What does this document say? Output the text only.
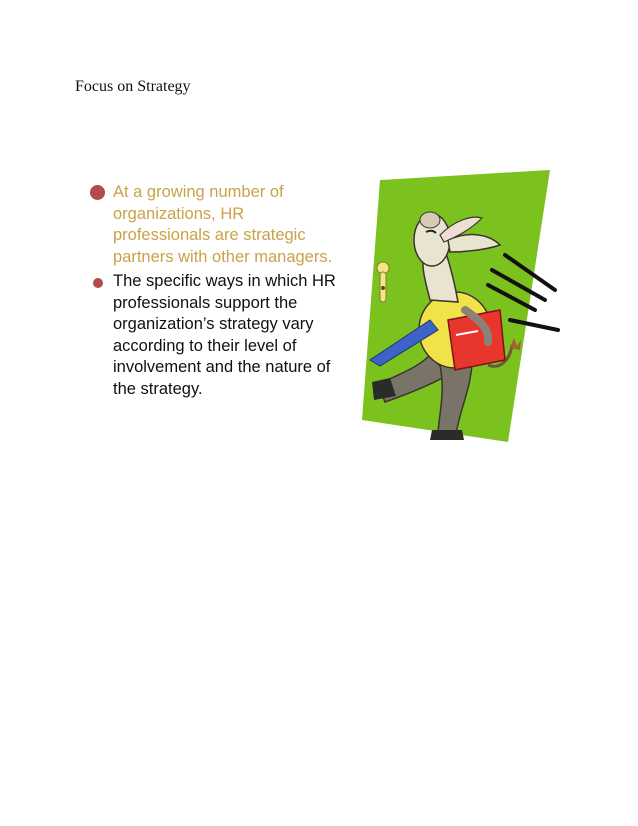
Focus on Strategy
At a growing number of organizations, HR professionals are strategic partners with other managers.
The specific ways in which HR professionals support the organization’s strategy vary according to their level of involvement and the nature of the strategy.
